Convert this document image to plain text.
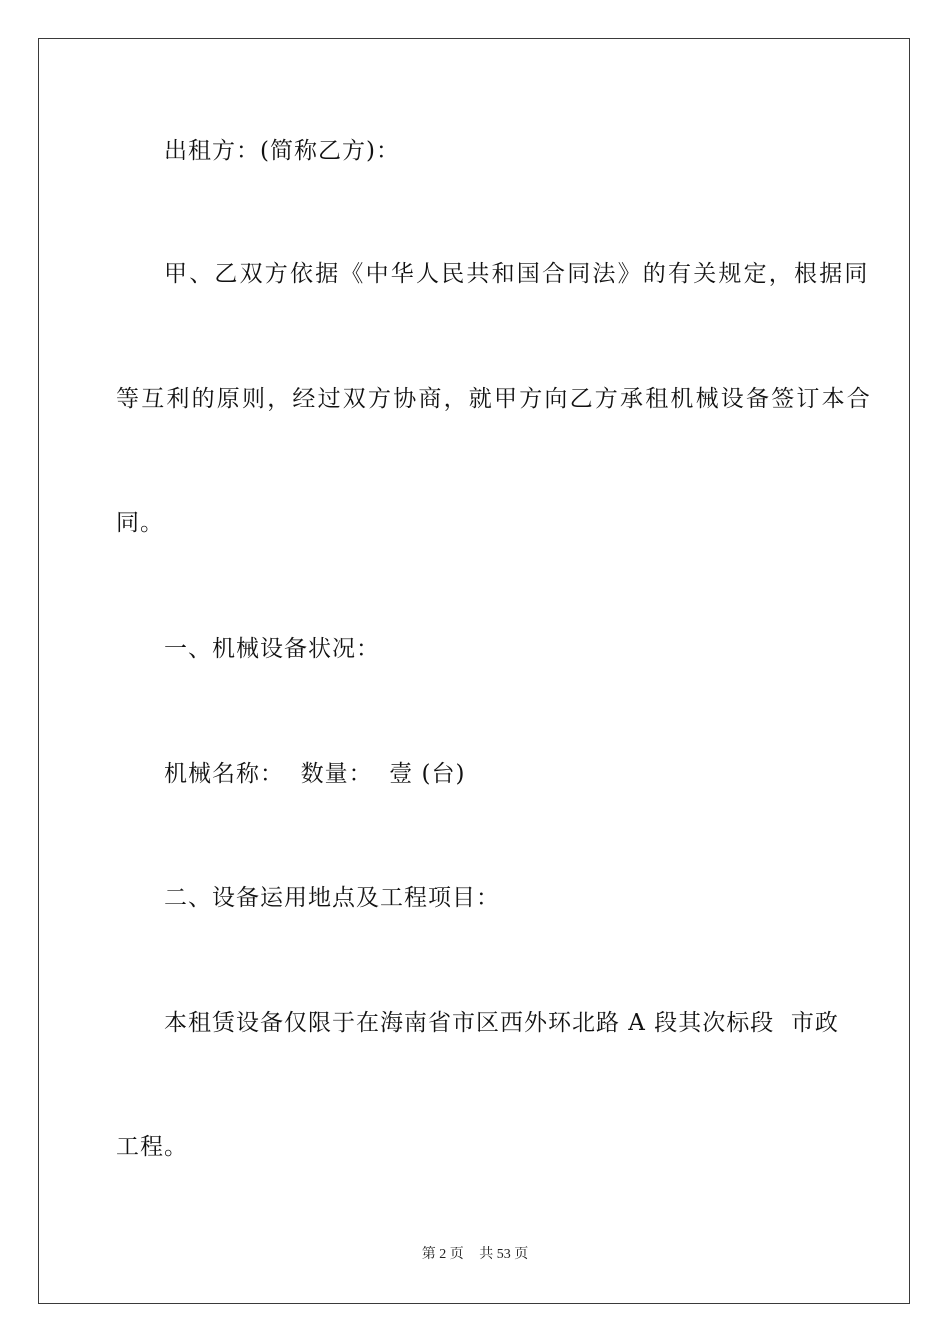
出租方：(简称乙方)：
甲、乙双方依据《中华人民共和国合同法》的有关规定，根据同
等互利的原则，经过双方协商，就甲方向乙方承租机械设备签订本合
同。
一、机械设备状况：
机械名称：  数量：  壹 (台)
二、设备运用地点及工程项目：
本租赁设备仅限于在海南省市区西外环北路 A 段其次标段  市政
工程。
第 2 页 共 53 页
